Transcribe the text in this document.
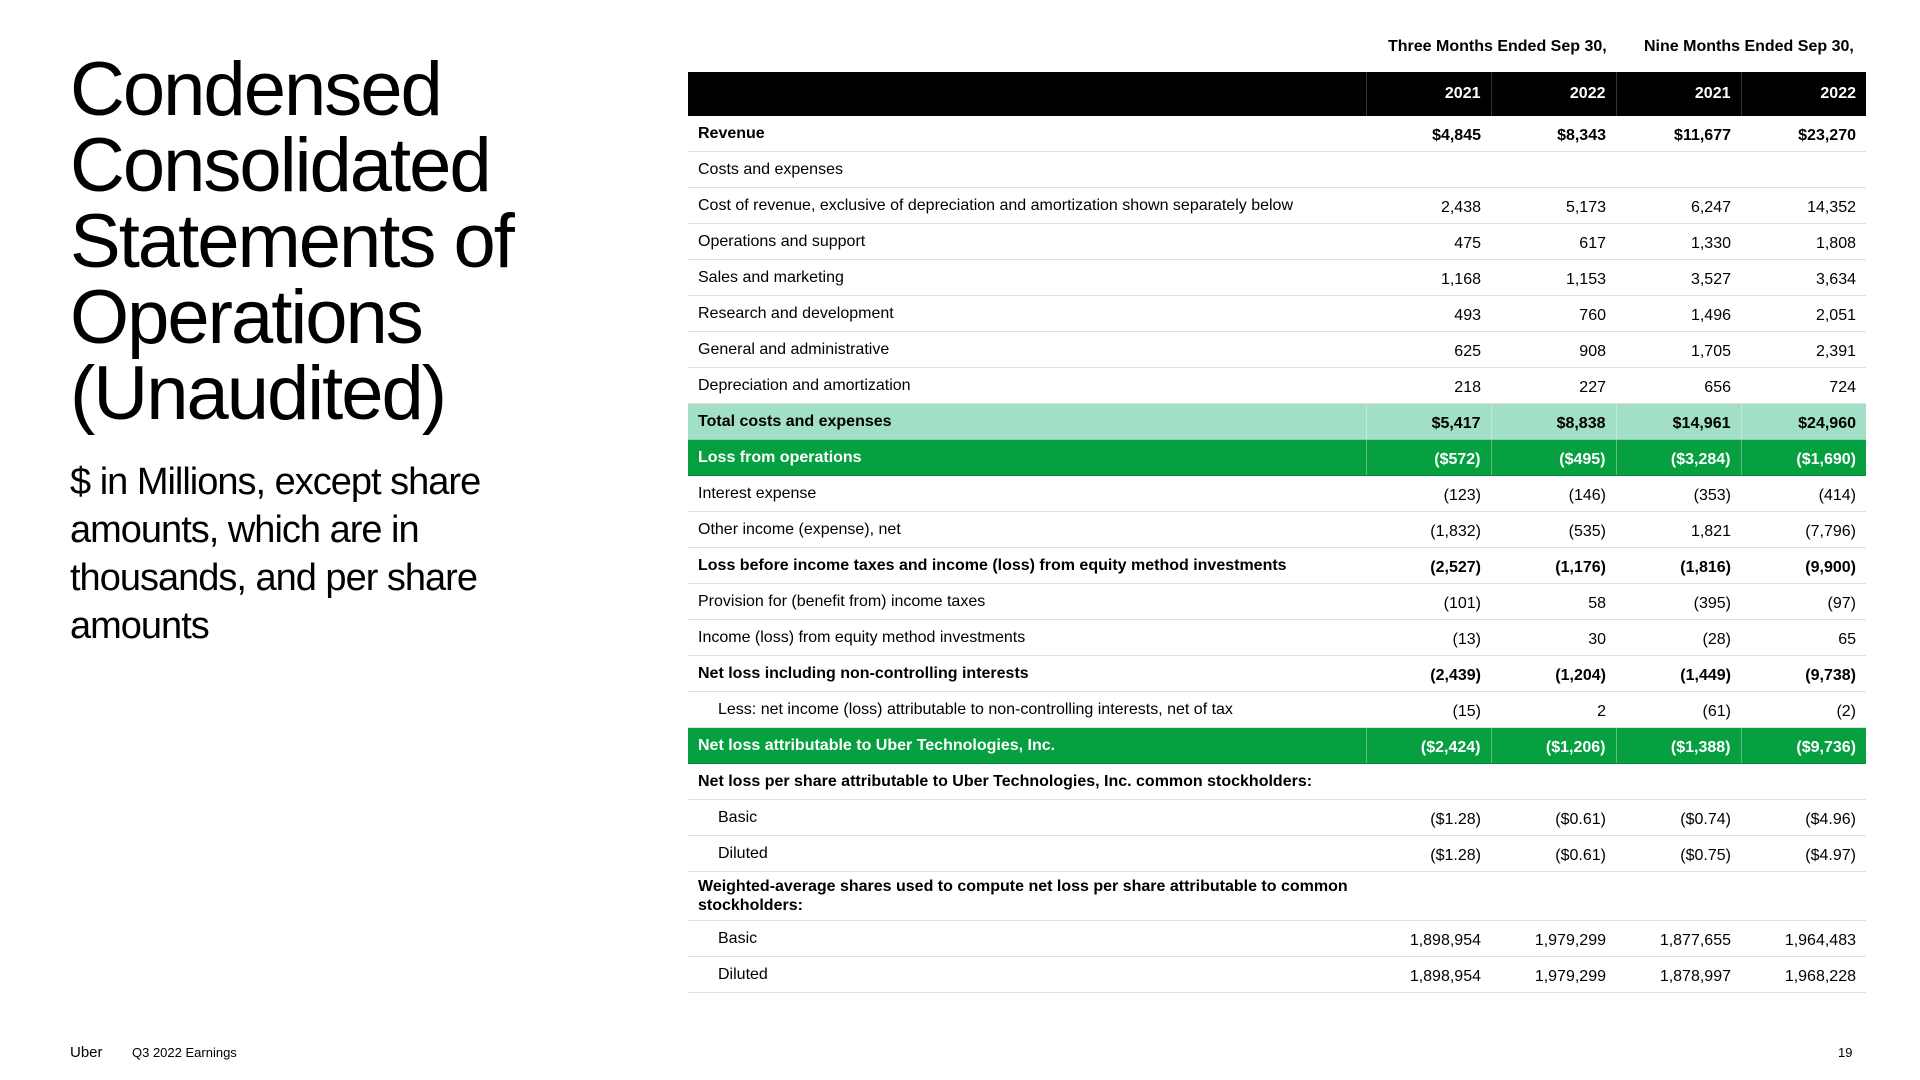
Condensed
Consolidated
Statements of
Operations
(Unaudited)
$ in Millions, except share amounts, which are in thousands, and per share amounts
Three Months Ended Sep 30, Nine Months Ended Sep 30,
	2021	2022	2021	2022
Revenue	$4,845	$8,343	$11,677	$23,270
Costs and expenses				
Cost of revenue, exclusive of depreciation and amortization shown separately below	2,438	5,173	6,247	14,352
Operations and support	475	617	1,330	1,808
Sales and marketing	1,168	1,153	3,527	3,634
Research and development	493	760	1,496	2,051
General and administrative	625	908	1,705	2,391
Depreciation and amortization	218	227	656	724
Total costs and expenses	$5,417	$8,838	$14,961	$24,960
Loss from operations	($572)	($495)	($3,284)	($1,690)
Interest expense	(123)	(146)	(353)	(414)
Other income (expense), net	(1,832)	(535)	1,821	(7,796)
Loss before income taxes and income (loss) from equity method investments	(2,527)	(1,176)	(1,816)	(9,900)
Provision for (benefit from) income taxes	(101)	58	(395)	(97)
Income (loss) from equity method investments	(13)	30	(28)	65
Net loss including non-controlling interests	(2,439)	(1,204)	(1,449)	(9,738)
Less: net income (loss) attributable to non-controlling interests, net of tax	(15)	2	(61)	(2)
Net loss attributable to Uber Technologies, Inc.	($2,424)	($1,206)	($1,388)	($9,736)
Net loss per share attributable to Uber Technologies, Inc. common stockholders:				
Basic	($1.28)	($0.61)	($0.74)	($4.96)
Diluted	($1.28)	($0.61)	($0.75)	($4.97)
Weighted-average shares used to compute net loss per share attributable to common stockholders:				
Basic	1,898,954	1,979,299	1,877,655	1,964,483
Diluted	1,898,954	1,979,299	1,878,997	1,968,228
Uber Q3 2022 Earnings	19
